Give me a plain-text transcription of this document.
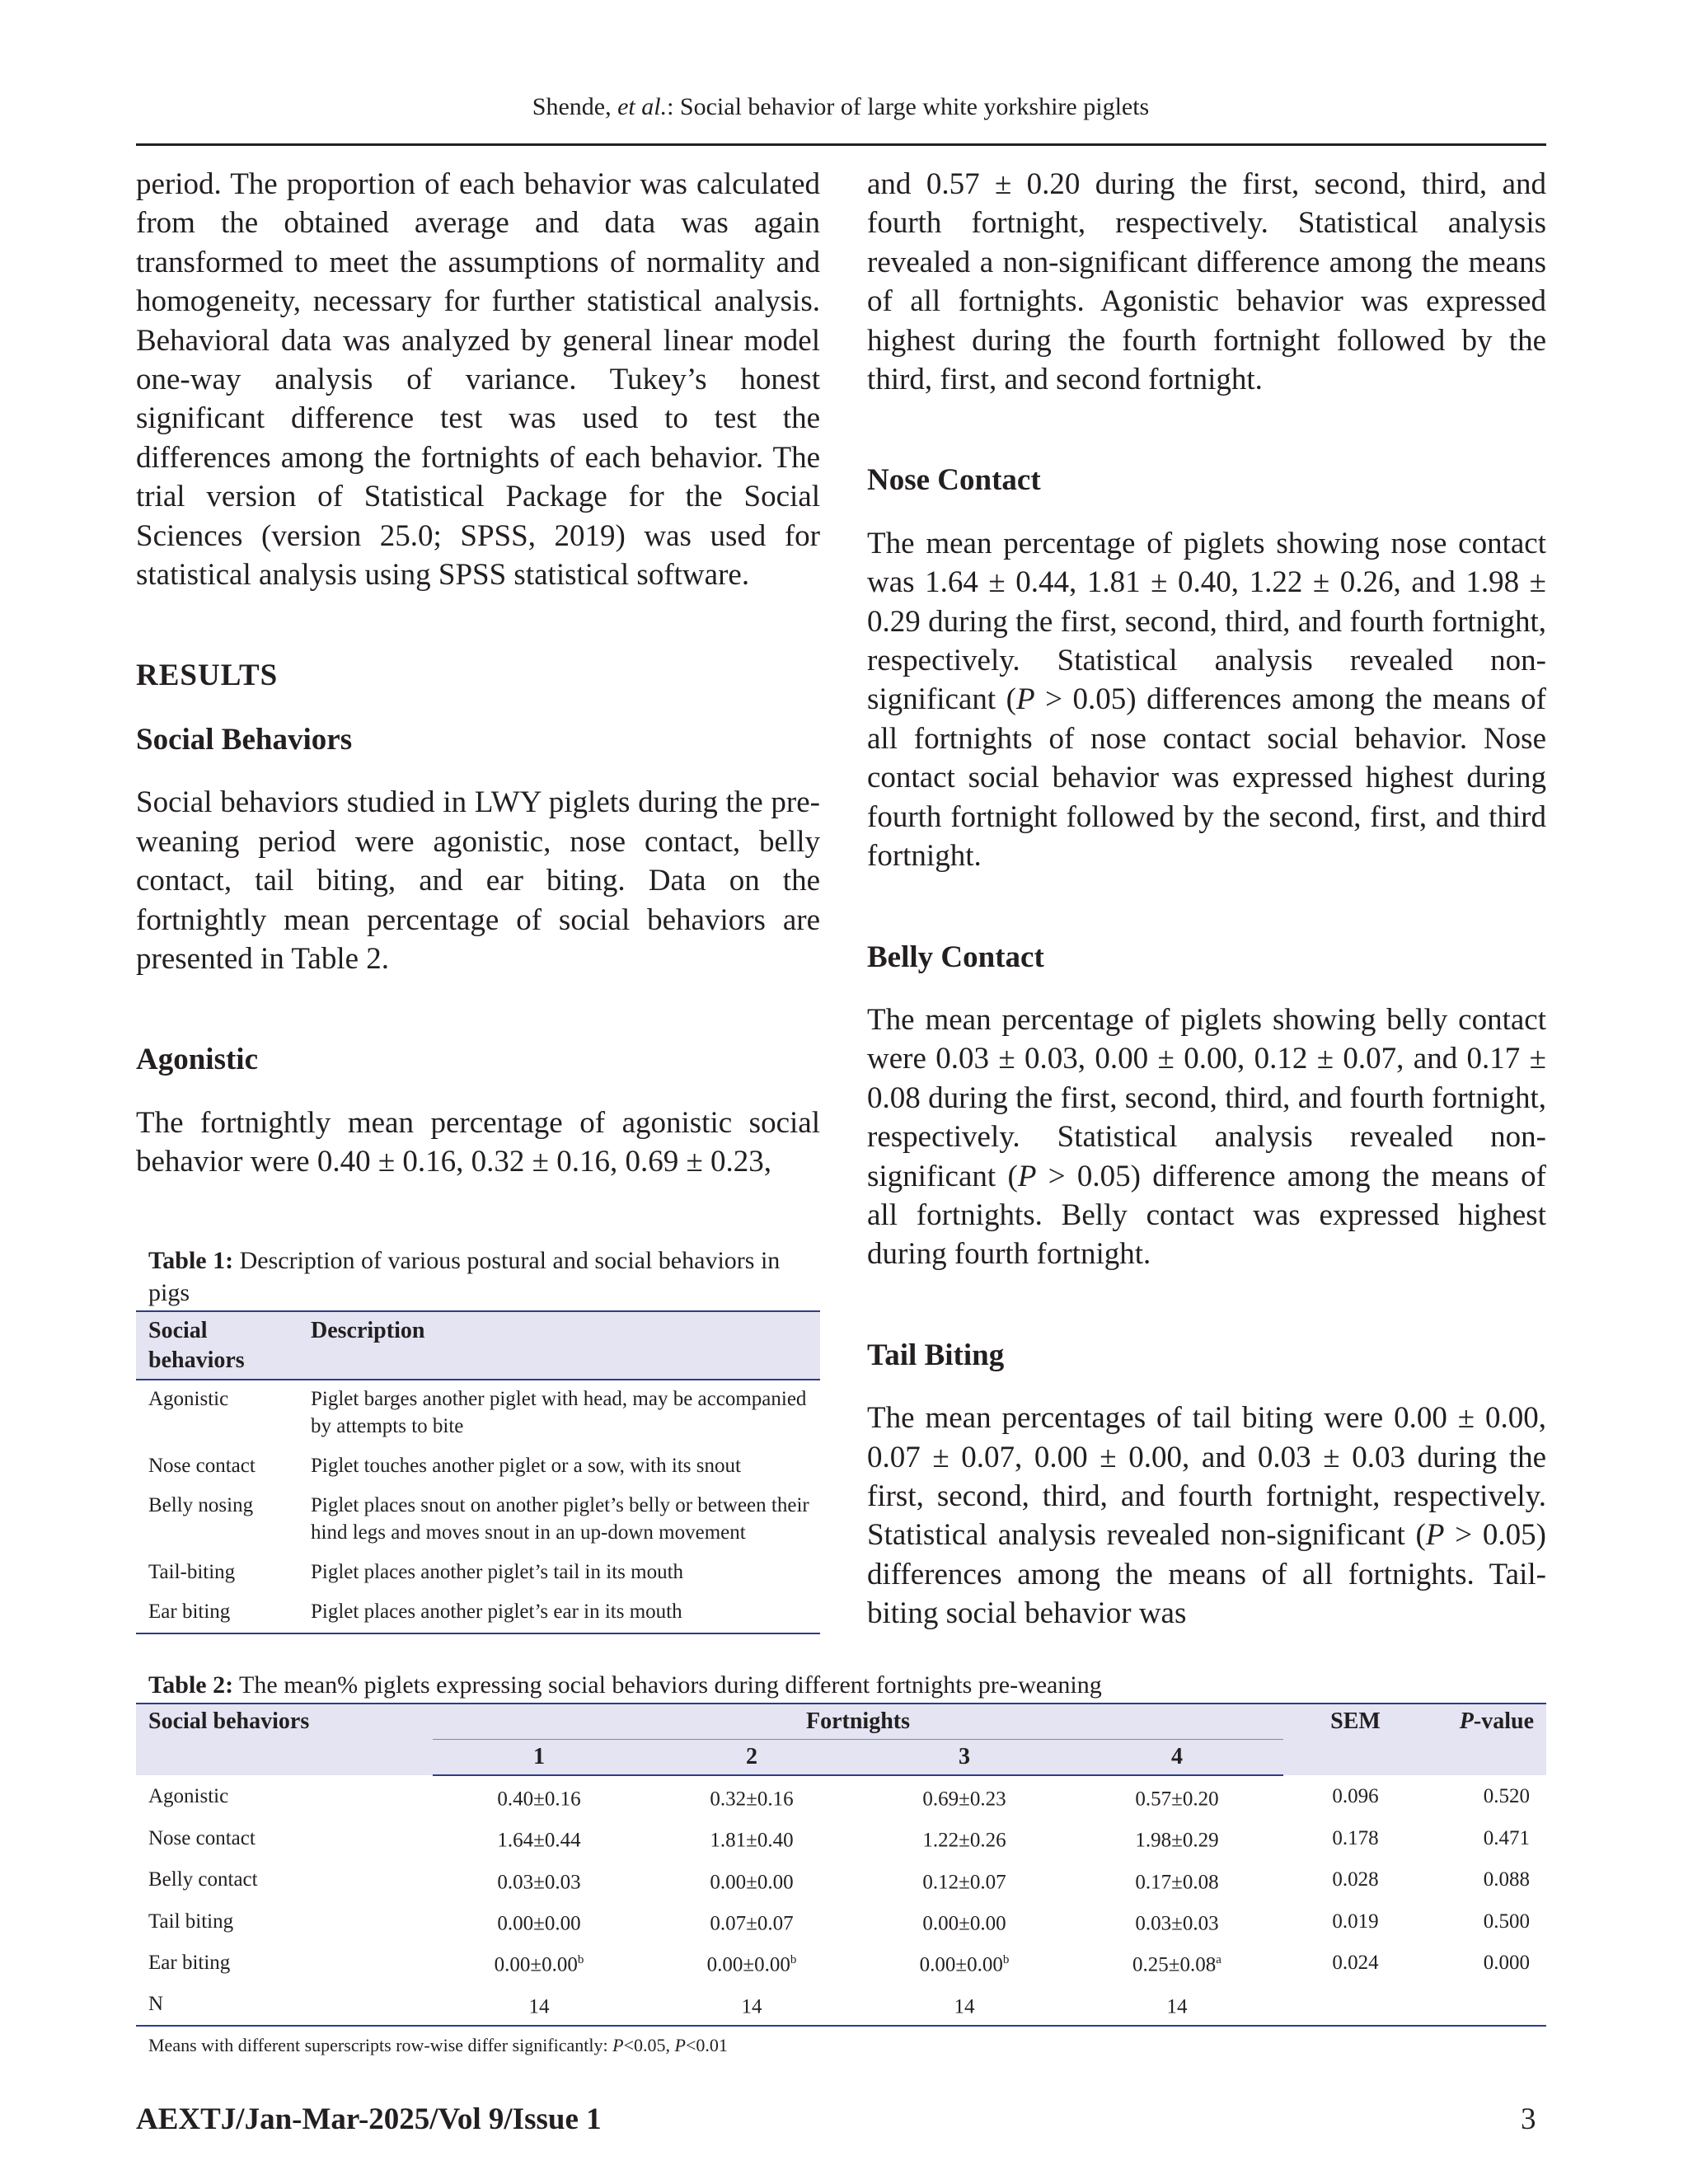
Shende, et al.: Social behavior of large white yorkshire piglets

period. The proportion of each behavior was calculated from the obtained average and data was again transformed to meet the assumptions of normality and homogeneity, necessary for further statistical analysis. Behavioral data was analyzed by general linear model one-way analysis of variance. Tukey’s honest significant difference test was used to test the differences among the fortnights of each behavior. The trial version of Statistical Package for the Social Sciences (version 25.0; SPSS, 2019) was used for statistical analysis using SPSS statistical software.

RESULTS
Social Behaviors

Social behaviors studied in LWY piglets during the pre-weaning period were agonistic, nose contact, belly contact, tail biting, and ear biting. Data on the fortnightly mean percentage of social behaviors are presented in Table 2.

Agonistic

The fortnightly mean percentage of agonistic social behavior were 0.40 ± 0.16, 0.32 ± 0.16, 0.69 ± 0.23,

and 0.57 ± 0.20 during the first, second, third, and fourth fortnight, respectively. Statistical analysis revealed a non-significant difference among the means of all fortnights. Agonistic behavior was expressed highest during the fourth fortnight followed by the third, first, and second fortnight.

Nose Contact

The mean percentage of piglets showing nose contact was 1.64 ± 0.44, 1.81 ± 0.40, 1.22 ± 0.26, and 1.98 ± 0.29 during the first, second, third, and fourth fortnight, respectively. Statistical analysis revealed non-significant (P > 0.05) differences among the means of all fortnights of nose contact social behavior. Nose contact social behavior was expressed highest during fourth fortnight followed by the second, first, and third fortnight.

Belly Contact

The mean percentage of piglets showing belly contact were 0.03 ± 0.03, 0.00 ± 0.00, 0.12 ± 0.07, and 0.17 ± 0.08 during the first, second, third, and fourth fortnight, respectively. Statistical analysis revealed non-significant (P > 0.05) difference among the means of all fortnights. Belly contact was expressed highest during fourth fortnight.

Tail Biting

The mean percentages of tail biting were 0.00 ± 0.00, 0.07 ± 0.07, 0.00 ± 0.00, and 0.03 ± 0.03 during the first, second, third, and fourth fortnight, respectively. Statistical analysis revealed non-significant (P > 0.05) differences among the means of all fortnights. Tail-biting social behavior was

Table 1: Description of various postural and social behaviors in pigs
Social behaviors	Description
Agonistic	Piglet barges another piglet with head, may be accompanied by attempts to bite
Nose contact	Piglet touches another piglet or a sow, with its snout
Belly nosing	Piglet places snout on another piglet’s belly or between their hind legs and moves snout in an up-down movement
Tail-biting	Piglet places another piglet’s tail in its mouth
Ear biting	Piglet places another piglet’s ear in its mouth
Table 2: The mean% piglets expressing social behaviors during different fortnights pre-weaning
Social behaviors	Fortnights				SEM	P-value
	1	2	3	4		
Agonistic	0.40±0.16	0.32±0.16	0.69±0.23	0.57±0.20	0.096	0.520
Nose contact	1.64±0.44	1.81±0.40	1.22±0.26	1.98±0.29	0.178	0.471
Belly contact	0.03±0.03	0.00±0.00	0.12±0.07	0.17±0.08	0.028	0.088
Tail biting	0.00±0.00	0.07±0.07	0.00±0.00	0.03±0.03	0.019	0.500
Ear biting	0.00±0.00$^b$	0.00±0.00$^b$	0.00±0.00$^b$	0.25±0.08$^a$	0.024	0.000
N	14	14	14	14		
Means with different superscripts row-wise differ significantly: P<0.05, P<0.01
AEXTJ/Jan-Mar-2025/Vol 9/Issue 1	3
